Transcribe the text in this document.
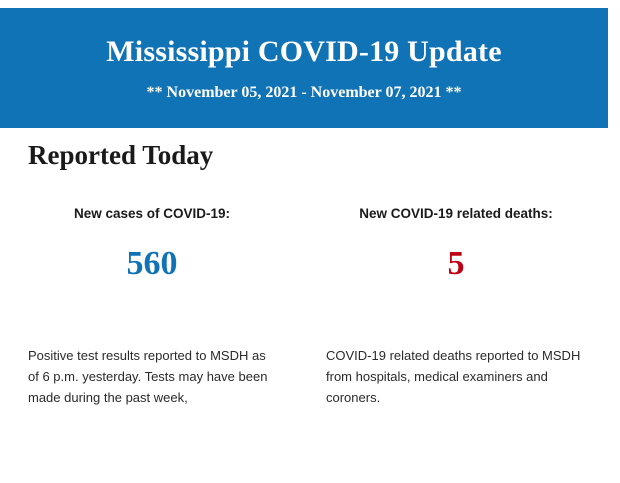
Mississippi COVID-19 Update
** November 05, 2021 - November 07, 2021 **
Reported Today
New cases of COVID-19:
560
New COVID-19 related deaths:
5

Positive test results reported to MSDH as of 6 p.m. yesterday. Tests may have been made during the past week,

COVID-19 related deaths reported to MSDH from hospitals, medical examiners and coroners.
